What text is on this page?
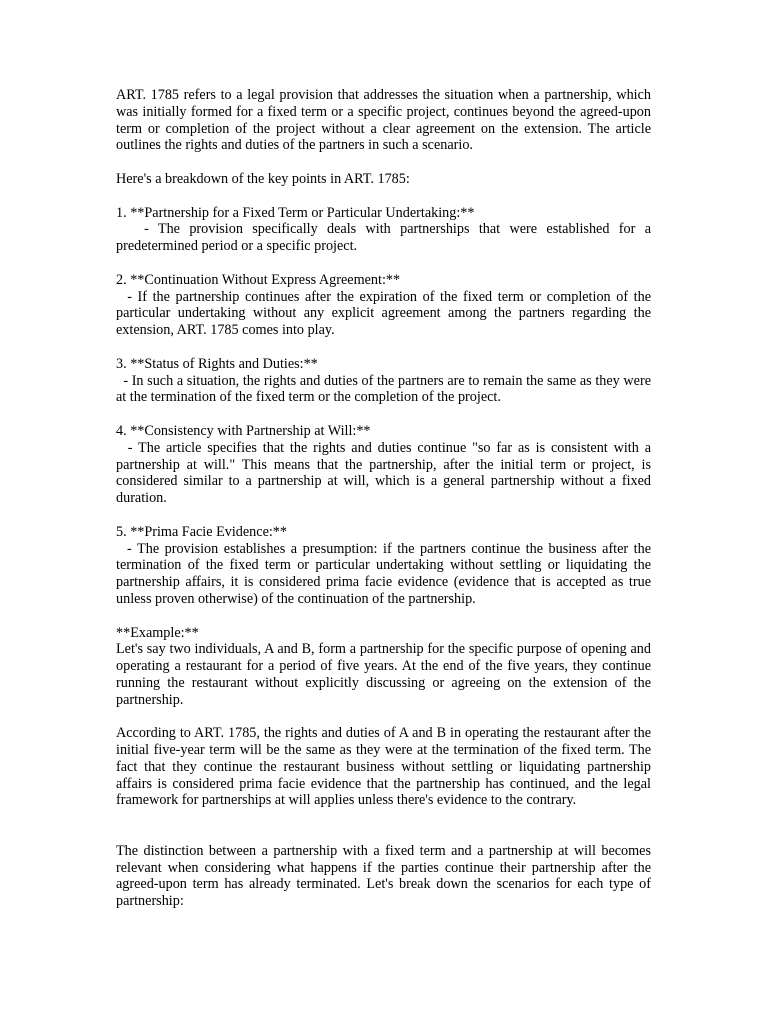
ART. 1785 refers to a legal provision that addresses the situation when a partnership, which was initially formed for a fixed term or a specific project, continues beyond the agreed-upon term or completion of the project without a clear agreement on the extension. The article outlines the rights and duties of the partners in such a scenario.

Here's a breakdown of the key points in ART. 1785:

1. **Partnership for a Fixed Term or Particular Undertaking:**
- The provision specifically deals with partnerships that were established for a predetermined period or a specific project.
2. **Continuation Without Express Agreement:**
- If the partnership continues after the expiration of the fixed term or completion of the particular undertaking without any explicit agreement among the partners regarding the extension, ART. 1785 comes into play.
3. **Status of Rights and Duties:**
- In such a situation, the rights and duties of the partners are to remain the same as they were at the termination of the fixed term or the completion of the project.
4. **Consistency with Partnership at Will:**
- The article specifies that the rights and duties continue "so far as is consistent with a partnership at will." This means that the partnership, after the initial term or project, is considered similar to a partnership at will, which is a general partnership without a fixed duration.
5. **Prima Facie Evidence:**
- The provision establishes a presumption: if the partners continue the business after the termination of the fixed term or particular undertaking without settling or liquidating the partnership affairs, it is considered prima facie evidence (evidence that is accepted as true unless proven otherwise) of the continuation of the partnership.
**Example:**
Let's say two individuals, A and B, form a partnership for the specific purpose of opening and operating a restaurant for a period of five years. At the end of the five years, they continue running the restaurant without explicitly discussing or agreeing on the extension of the partnership.

According to ART. 1785, the rights and duties of A and B in operating the restaurant after the initial five-year term will be the same as they were at the termination of the fixed term. The fact that they continue the restaurant business without settling or liquidating partnership affairs is considered prima facie evidence that the partnership has continued, and the legal framework for partnerships at will applies unless there's evidence to the contrary.

The distinction between a partnership with a fixed term and a partnership at will becomes relevant when considering what happens if the parties continue their partnership after the agreed-upon term has already terminated. Let's break down the scenarios for each type of partnership:
